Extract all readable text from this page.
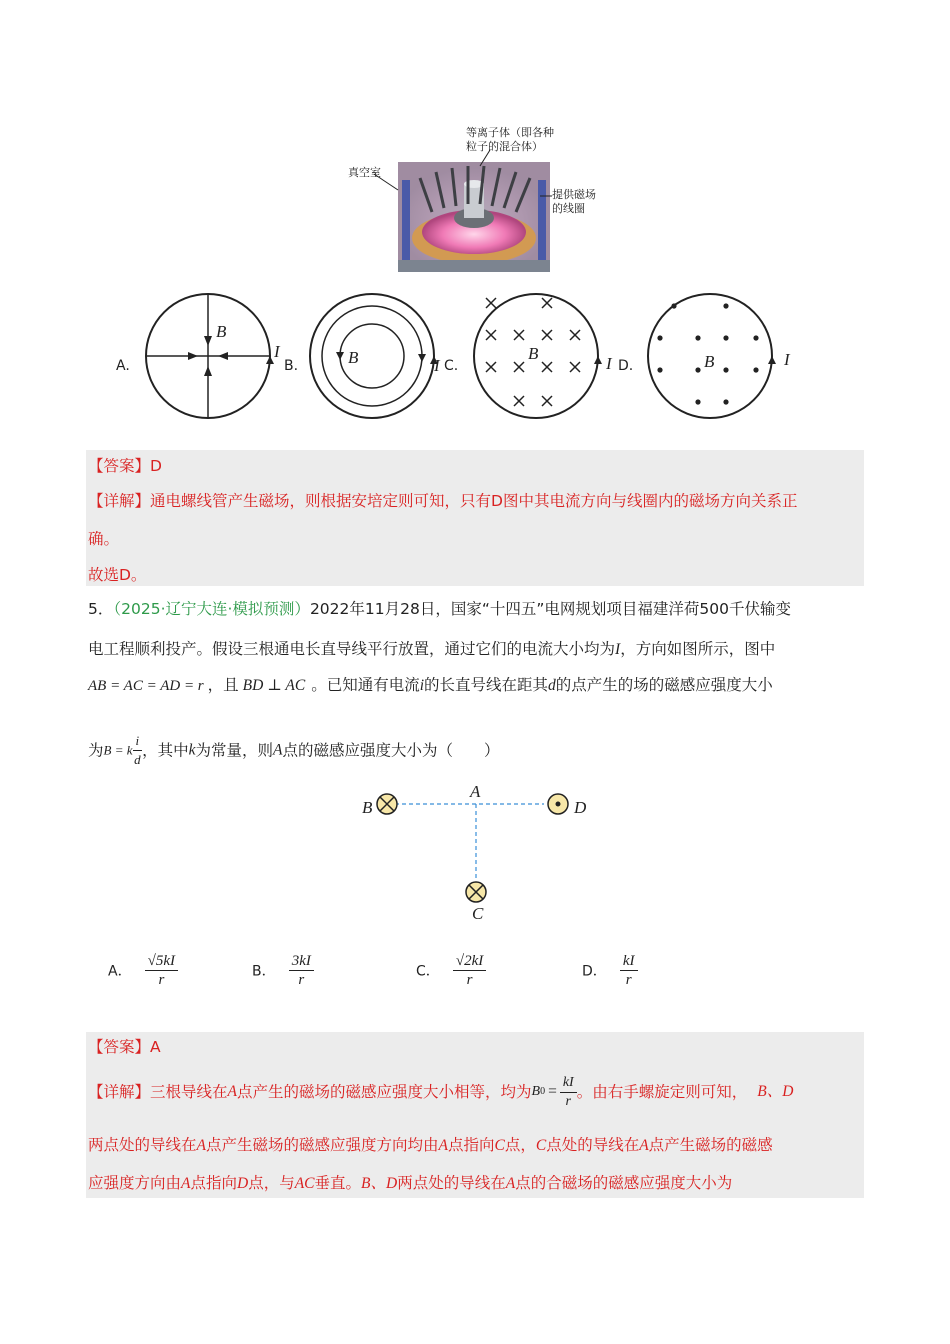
等离子体（即各种
粒子的混合体）
真空室
提供磁场
的线圈
A.
B
I
B.	B	I C.
B
I D.	B	I
【答案】D
【详解】通电螺线管产生磁场，则根据安培定则可知，只有D图中其电流方向与线圈内的磁场方向关系正
确。
故选D。
5．（2025·辽宁大连·模拟预测）2022年11月28日，国家“十四五”电网规划项目福建洋荷500千伏输变
电工程顺利投产。假设三根通电长直导线平行放置，通过它们的电流大小均为I，方向如图所示，图中
AB = AC = AD = r ，且 BD ⊥ AC 。已知通有电流i的长直号线在距其d的点产生的场的磁感应强度大小
为B = k $\frac{i}{d}$ ，其中k为常量，则A点的磁感应强度大小为（　　）
A
B	D
C
A． $\frac{√5kI}{r}$	B． $\frac{3kI}{r}$	C． $\frac{√2kI}{r}$	D． $\frac{kI}{r}$
【答案】A
【详解】 三根导线在 A 点产生的磁场的磁感应强度大小相等，均为 B $0 = \frac{kI}{r}$ 。由右手螺旋定则可知， B、D
两点处的导线在A点产生磁场的磁感应强度方向均由A点指向C点，C点处的导线在A点产生磁场的磁感
应强度方向由A点指向D点，与AC垂直。B、D两点处的导线在A点的合磁场的磁感应强度大小为
